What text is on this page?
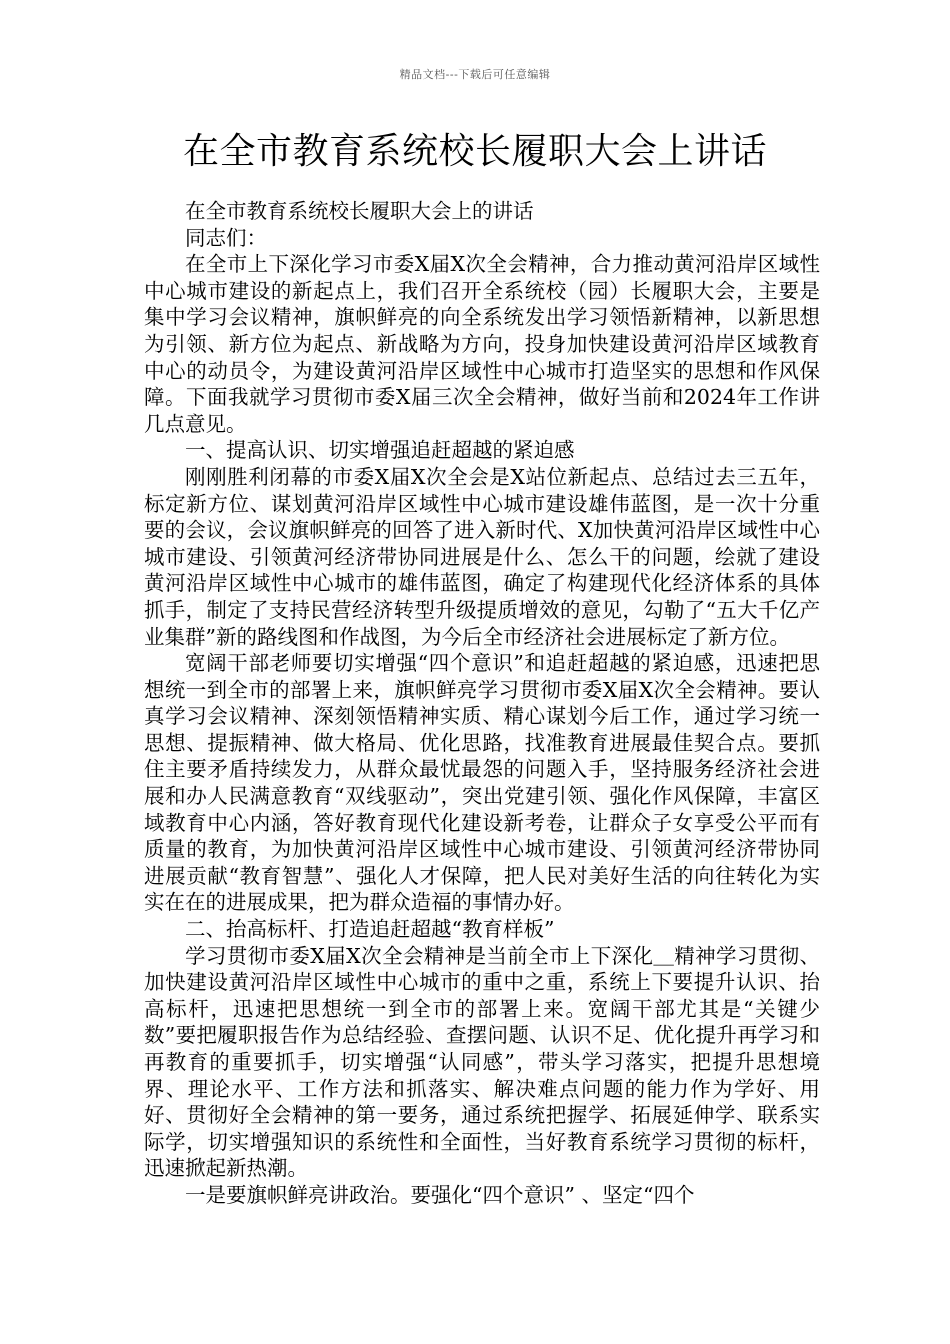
精品文档---下载后可任意编辑
在全市教育系统校长履职大会上讲话

在全市教育系统校长履职大会上的讲话

同志们：

在全市上下深化学习市委X届X次全会精神，合力推动黄河沿岸区域性中心城市建设的新起点上，我们召开全系统校（园）长履职大会，主要是集中学习会议精神，旗帜鲜亮的向全系统发出学习领悟新精神，以新思想为引领、新方位为起点、新战略为方向，投身加快建设黄河沿岸区域教育中心的动员令，为建设黄河沿岸区域性中心城市打造坚实的思想和作风保障。下面我就学习贯彻市委X届三次全会精神，做好当前和2024年工作讲几点意见。

一、提高认识、切实增强追赶超越的紧迫感

刚刚胜利闭幕的市委X届X次全会是X站位新起点、总结过去三五年，标定新方位、谋划黄河沿岸区域性中心城市建设雄伟蓝图，是一次十分重要的会议，会议旗帜鲜亮的回答了进入新时代、X加快黄河沿岸区域性中心城市建设、引领黄河经济带协同进展是什么、怎么干的问题，绘就了建设黄河沿岸区域性中心城市的雄伟蓝图，确定了构建现代化经济体系的具体抓手，制定了支持民营经济转型升级提质增效的意见，勾勒了“五大千亿产业集群”新的路线图和作战图，为今后全市经济社会进展标定了新方位。

宽阔干部老师要切实增强“四个意识”和追赶超越的紧迫感，迅速把思想统一到全市的部署上来，旗帜鲜亮学习贯彻市委X届X次全会精神。要认真学习会议精神、深刻领悟精神实质、精心谋划今后工作，通过学习统一思想、提振精神、做大格局、优化思路，找准教育进展最佳契合点。要抓住主要矛盾持续发力，从群众最忧最怨的问题入手，坚持服务经济社会进展和办人民满意教育“双线驱动”，突出党建引领、强化作风保障，丰富区域教育中心内涵，答好教育现代化建设新考卷，让群众子女享受公平而有质量的教育，为加快黄河沿岸区域性中心城市建设、引领黄河经济带协同进展贡献“教育智慧”、强化人才保障，把人民对美好生活的向往转化为实实在在的进展成果，把为群众造福的事情办好。

二、抬高标杆、打造追赶超越“教育样板”

学习贯彻市委X届X次全会精神是当前全市上下深化＿精神学习贯彻、加快建设黄河沿岸区域性中心城市的重中之重，系统上下要提升认识、抬高标杆，迅速把思想统一到全市的部署上来。宽阔干部尤其是“关键少数”要把履职报告作为总结经验、查摆问题、认识不足、优化提升再学习和再教育的重要抓手，切实增强“认同感”，带头学习落实，把提升思想境界、理论水平、工作方法和抓落实、解决难点问题的能力作为学好、用好、贯彻好全会精神的第一要务，通过系统把握学、拓展延伸学、联系实际学，切实增强知识的系统性和全面性，当好教育系统学习贯彻的标杆，迅速掀起新热潮。

一是要旗帜鲜亮讲政治。要强化“四个意识” 、坚定“四个
